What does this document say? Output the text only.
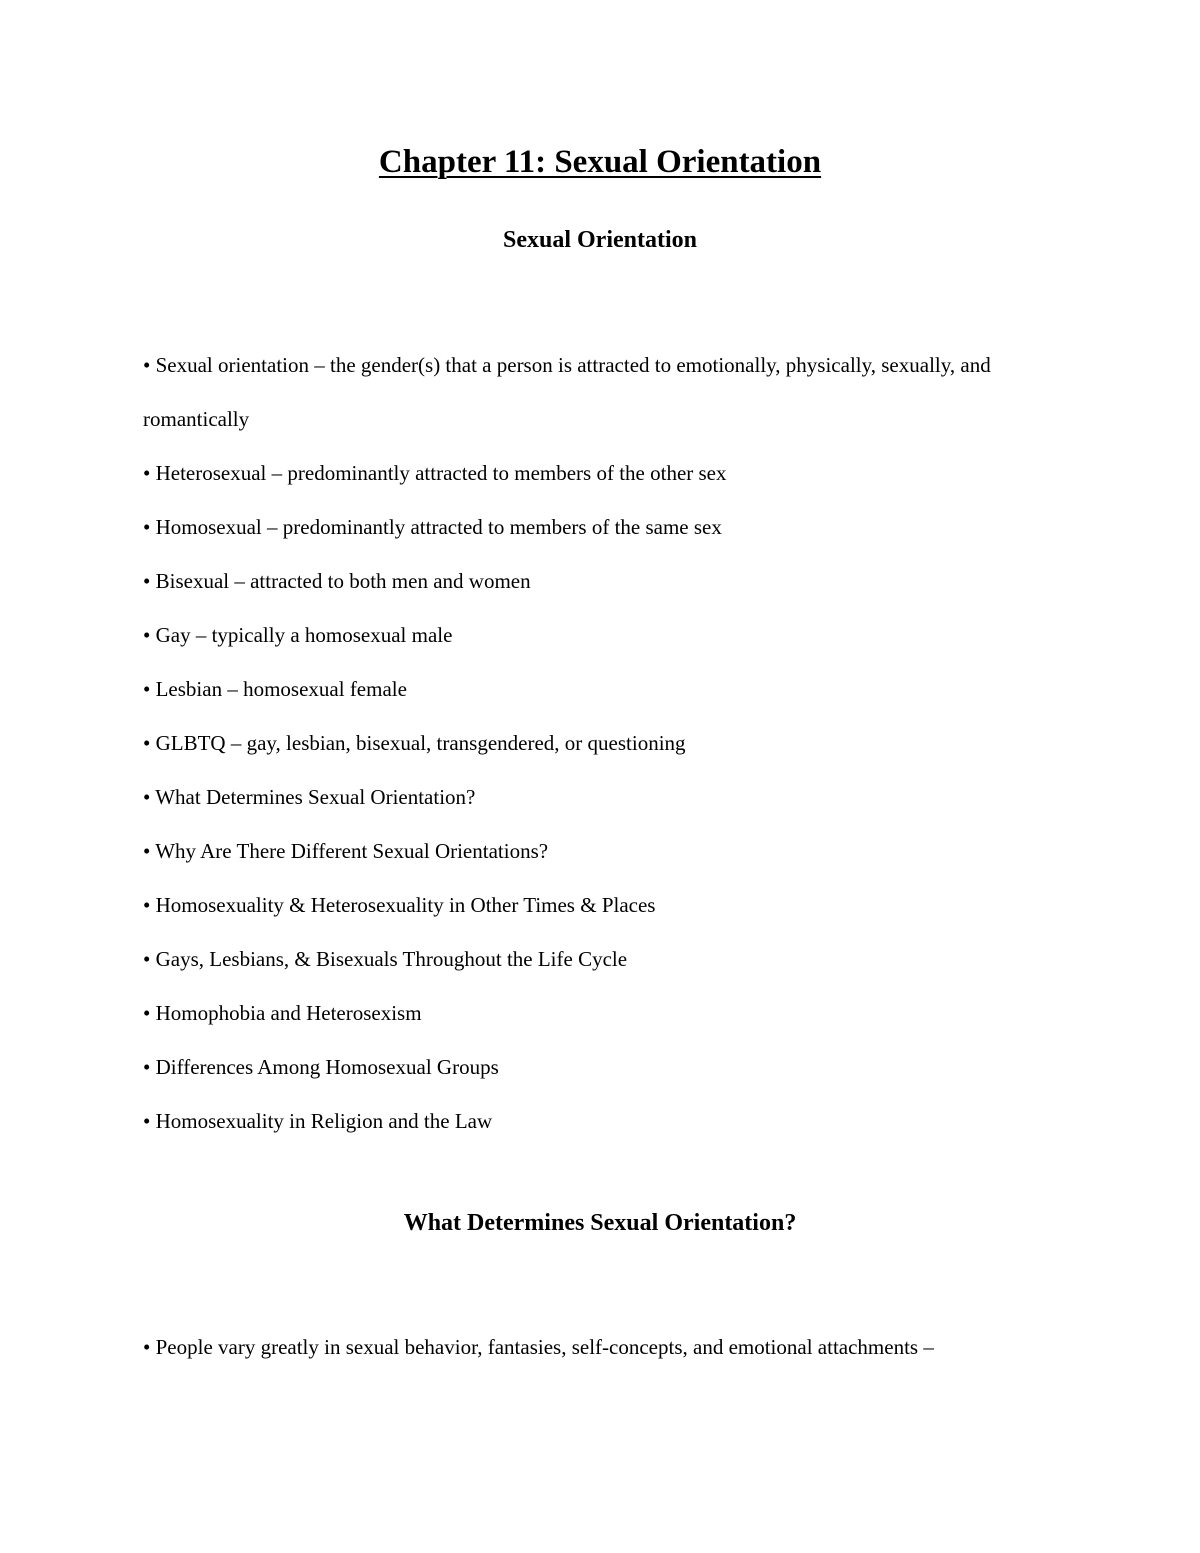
Chapter 11: Sexual Orientation
Sexual Orientation
• Sexual orientation – the gender(s) that a person is attracted to emotionally, physically, sexually, and romantically
• Heterosexual – predominantly attracted to members of the other sex
• Homosexual – predominantly attracted to members of the same sex
• Bisexual – attracted to both men and women
• Gay – typically a homosexual male
• Lesbian – homosexual female
• GLBTQ – gay, lesbian, bisexual, transgendered, or questioning
• What Determines Sexual Orientation?
• Why Are There Different Sexual Orientations?
• Homosexuality & Heterosexuality in Other Times & Places
• Gays, Lesbians, & Bisexuals Throughout the Life Cycle
• Homophobia and Heterosexism
• Differences Among Homosexual Groups
• Homosexuality in Religion and the Law
What Determines Sexual Orientation?
• People vary greatly in sexual behavior, fantasies, self-concepts, and emotional attachments –
